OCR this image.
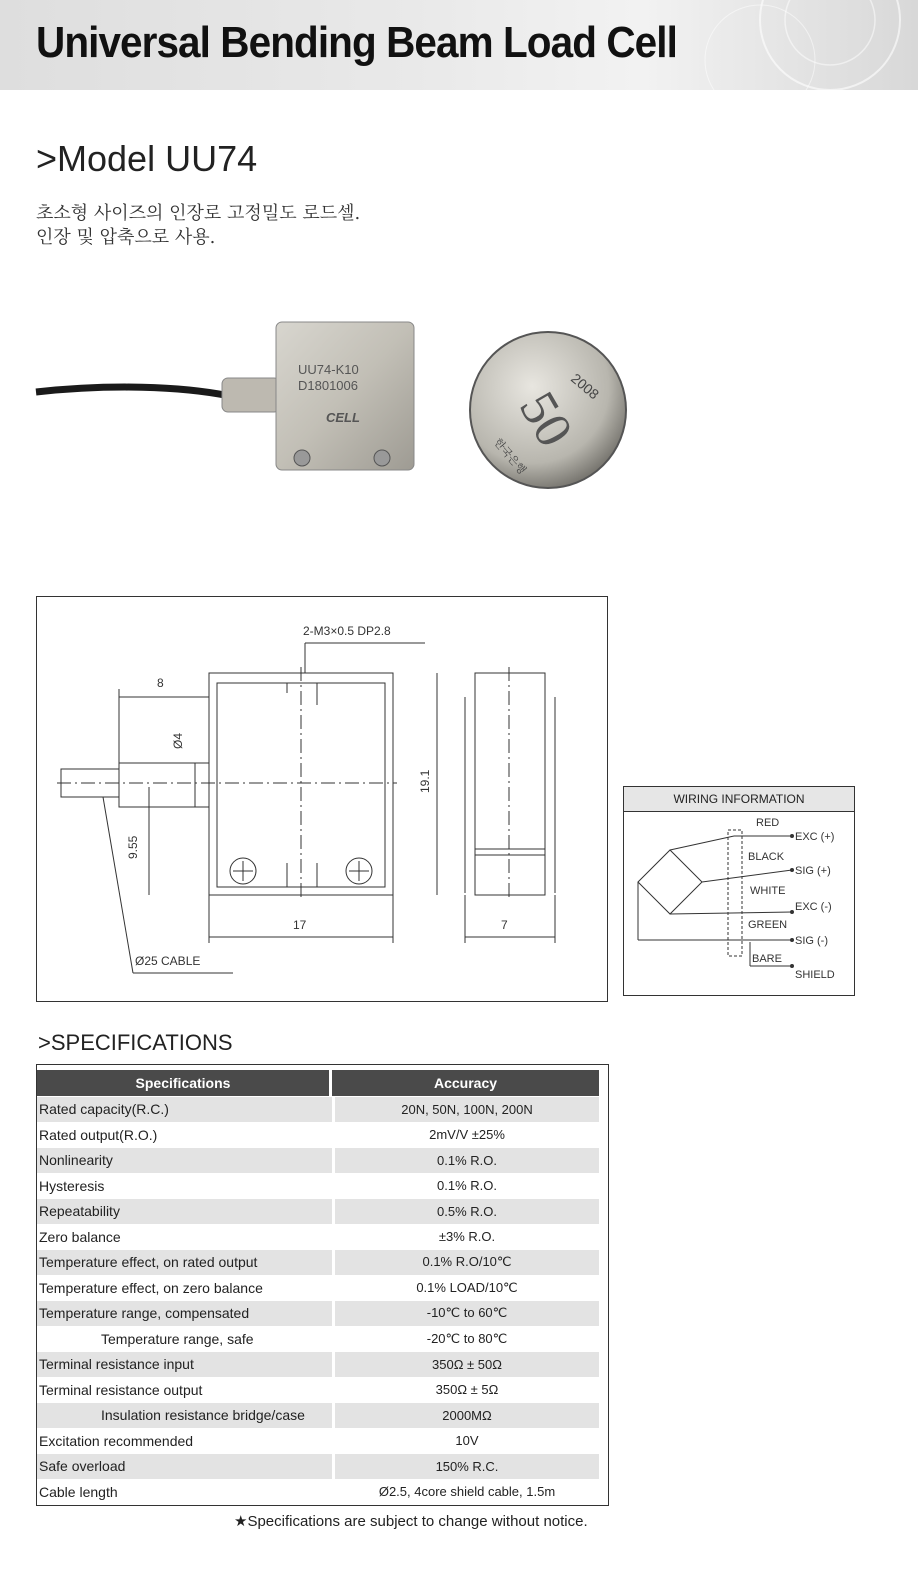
Universal Bending Beam Load Cell
>Model UU74
초소형 사이즈의 인장로 고정밀도 로드셀.
인장 및 압축으로 사용.
UU74-K10
D1801006
CELL
2008
50
한국은행
2-M3×0.5 DP2.8
8
Ø4
9.55
19.1
17	7
Ø25 CABLE
WIRING INFORMATION
RED
EXC (+)
BLACK
SIG (+)
WHITE
EXC (-)
GREEN
SIG (-)
BARE
SHIELD
>SPECIFICATIONS
Specifications	Accuracy
Rated capacity(R.C.)	20N, 50N, 100N, 200N
Rated output(R.O.)	2mV/V ±25%
Nonlinearity	0.1% R.O.
Hysteresis	0.1% R.O.
Repeatability	0.5% R.O.
Zero balance	±3% R.O.
Temperature effect, on rated output	0.1% R.O/10℃
Temperature effect, on zero balance	0.1% LOAD/10℃
Temperature range, compensated	-10℃ to 60℃
Temperature range, safe	-20℃ to 80℃
Terminal resistance input	350Ω ± 50Ω
Terminal resistance output	350Ω ± 5Ω
Insulation resistance bridge/case	2000MΩ
Excitation recommended	10V
Safe overload	150% R.C.
Cable length	Ø2.5, 4core shield cable, 1.5m
★Specifications are subject to change without notice.
